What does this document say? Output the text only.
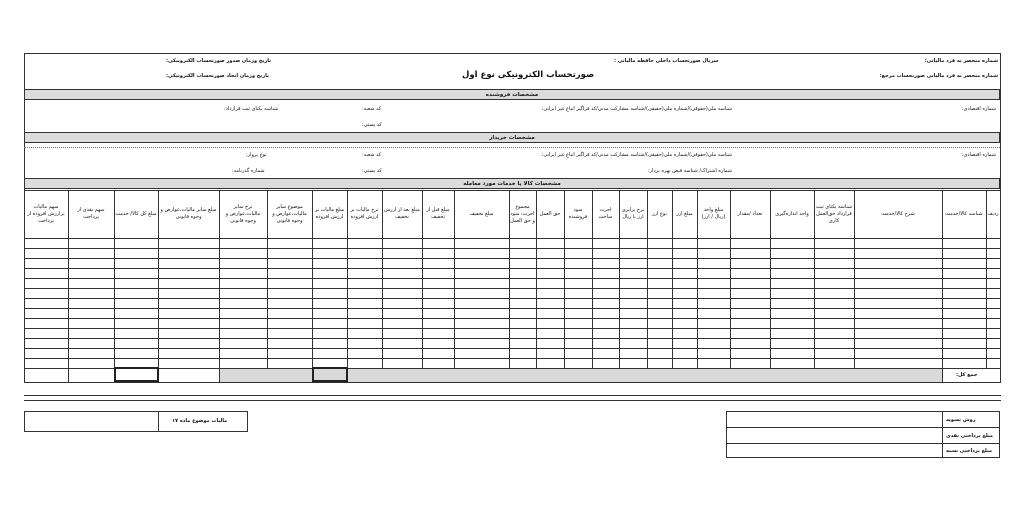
شماره منحصر به فرد مالیاتی:
شماره منحصر به فرد مالیاتی صورتحساب مرجع:
سریال صورتحساب داخلی حافظه مالیاتی :
تاریخ وزمان صدور صورتحساب الکترونیکی:
تاریخ وزمان ایجاد صورتحساب الکترونیکی:	صورتحساب الکترونیکی نوع اول
مشخصات فروشنده
شماره اقتصادی:
شناسه ملی(حقوقی)/شماره ملی(حقیقی)/شناسه مشارکت مدنی/کد فراگیر اتباع غیر ایرانی:
کد شعبه:
شناسه یکتای ثبت قرارداد:
کد پستی:
مشخصات خریدار
شماره اقتصادی:
شناسه ملی(حقوقی)/شماره ملی(حقیقی)/شناسه مشارکت مدنی/کد فراگیر اتباع غیر ایرانی:
کد شعبه:
نوع پرواز:
شماره اشتراک/ شناسه قبض بهره بردار:
کد پستی:
شماره گذرنامه:
مشخصات کالا یا خدمات مورد معامله
ردیف
شناسه کالا/خدمت
شرح کالا/خدمت
شناسه یکتای ثبت قرارداد حق‌العمل کاری
واحد اندازه‌گیری
تعداد /مقدار
مبلغ واحد (ریال / ارز)
مبلغ ارز
نوع ارز
نرخ برابری ارز با ریال
اجرت ساخت
سود فروشنده
حق العمل
مجموع اجرت، سود و حق العمل
مبلغ تخفیف
مبلغ قبل از تخفیف
مبلغ بعد از ارزش تخفیف
نرخ مالیات بر ارزش افزوده
مبلغ مالیات بر ارزش افزوده
موضوع سایر مالیات،عوارض و وجوه قانونی
نرخ سایر مالیات،عوارض و وجوه قانونی
مبلغ سایر مالیات،عوارض و وجوه قانونی
مبلغ کل کالا/ خدمت
سهم نقدی از پرداخت
سهم مالیات برارزش افزوده از پرداخت
جمع کل:
مالیات موضوع ماده ۱۷	روش تسویه
مبلغ پرداختی نقدی
مبلغ پرداختی نسیه
